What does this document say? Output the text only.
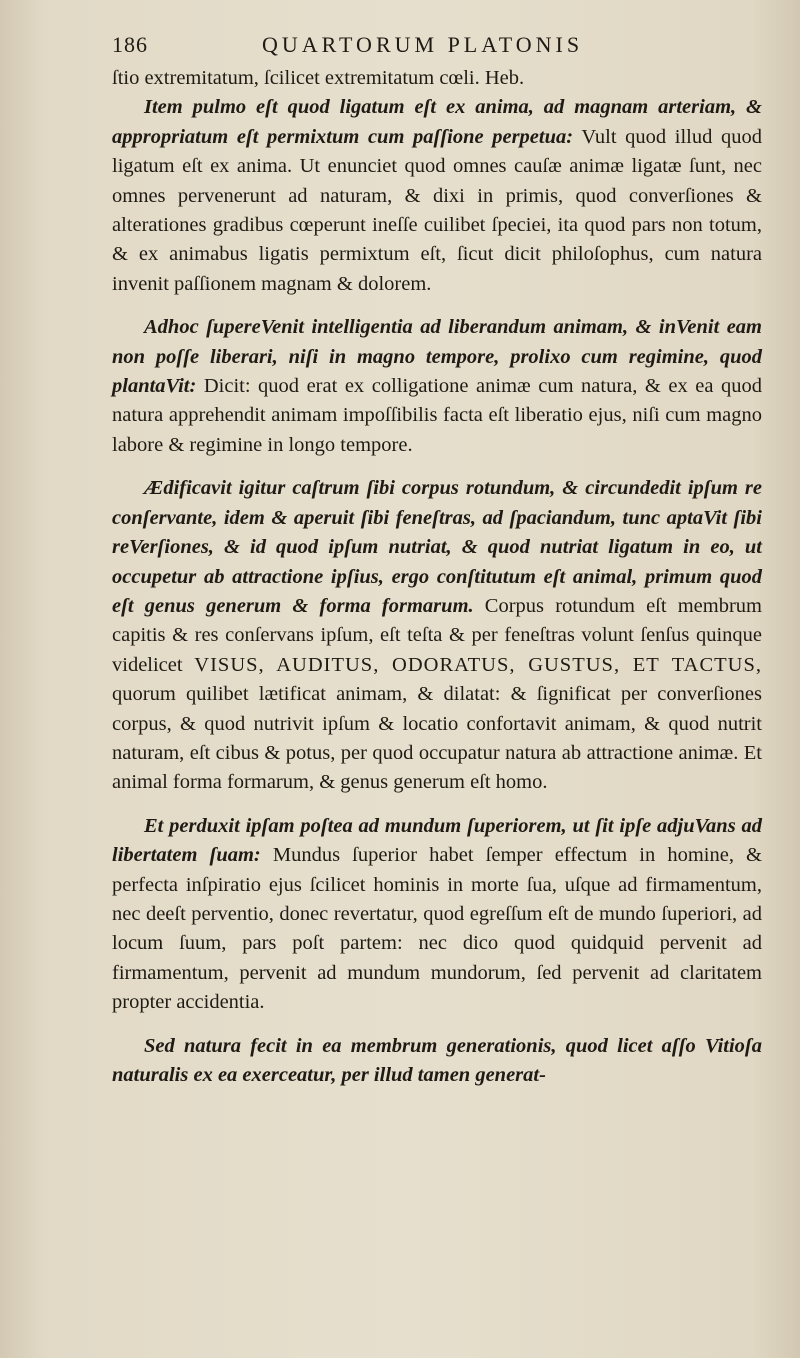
186	QUARTORUM PLATONIS

ſtio extremitatum, ſcilicet extremitatum cœli. Heb.

Item pulmo eſt quod ligatum eſt ex anima, ad magnam arteriam, & appropriatum eſt permixtum cum paſſione perpetua: Vult quod illud quod ligatum eſt ex anima. Ut enunciet quod omnes cauſæ animæ ligatæ ſunt, nec omnes pervenerunt ad naturam, & dixi in primis, quod converſiones & alterationes gradibus cœperunt ineſſe cuilibet ſpeciei, ita quod pars non totum, & ex animabus ligatis permixtum eſt, ſicut dicit philoſophus, cum natura invenit paſſionem magnam & dolorem.

Adhoc ſupereVenit intelligentia ad liberandum animam, & inVenit eam non poſſe liberari, niſi in magno tempore, prolixo cum regimine, quod plantaVit: Dicit: quod erat ex colligatione animæ cum natura, & ex ea quod natura apprehendit animam impoſſibilis facta eſt liberatio ejus, niſi cum magno labore & regimine in longo tempore.

Ædificavit igitur caſtrum ſibi corpus rotundum, & circundedit ipſum re conſervante, idem & aperuit ſibi feneſtras, ad ſpaciandum, tunc aptaVit ſibi reVerſiones, & id quod ipſum nutriat, & quod nutriat ligatum in eo, ut occupetur ab attractione ipſius, ergo conſtitutum eſt animal, primum quod eſt genus generum & forma formarum. Corpus rotundum eſt membrum capitis & res conſervans ipſum, eſt teſta & per feneſtras volunt ſenſus quinque videlicet VISUS, AUDITUS, ODORATUS, GUSTUS, ET TACTUS, quorum quilibet lætificat animam, & dilatat: & ſignificat per converſiones corpus, & quod nutrivit ipſum & locatio confortavit animam, & quod nutrit naturam, eſt cibus & potus, per quod occupatur natura ab attractione animæ. Et animal forma formarum, & genus generum eſt homo.

Et perduxit ipſam poſtea ad mundum ſuperiorem, ut ſit ipſe adjuVans ad libertatem ſuam: Mundus ſuperior habet ſemper effectum in homine, & perfecta inſpiratio ejus ſcilicet hominis in morte ſua, uſque ad firmamentum, nec deeſt perventio, donec revertatur, quod egreſſum eſt de mundo ſuperiori, ad locum ſuum, pars poſt partem: nec dico quod quidquid pervenit ad firmamentum, pervenit ad mundum mundorum, ſed pervenit ad claritatem propter accidentia.

Sed natura fecit in ea membrum generationis, quod licet aſſo Vitioſa naturalis ex ea exerceatur, per illud tamen generat-
